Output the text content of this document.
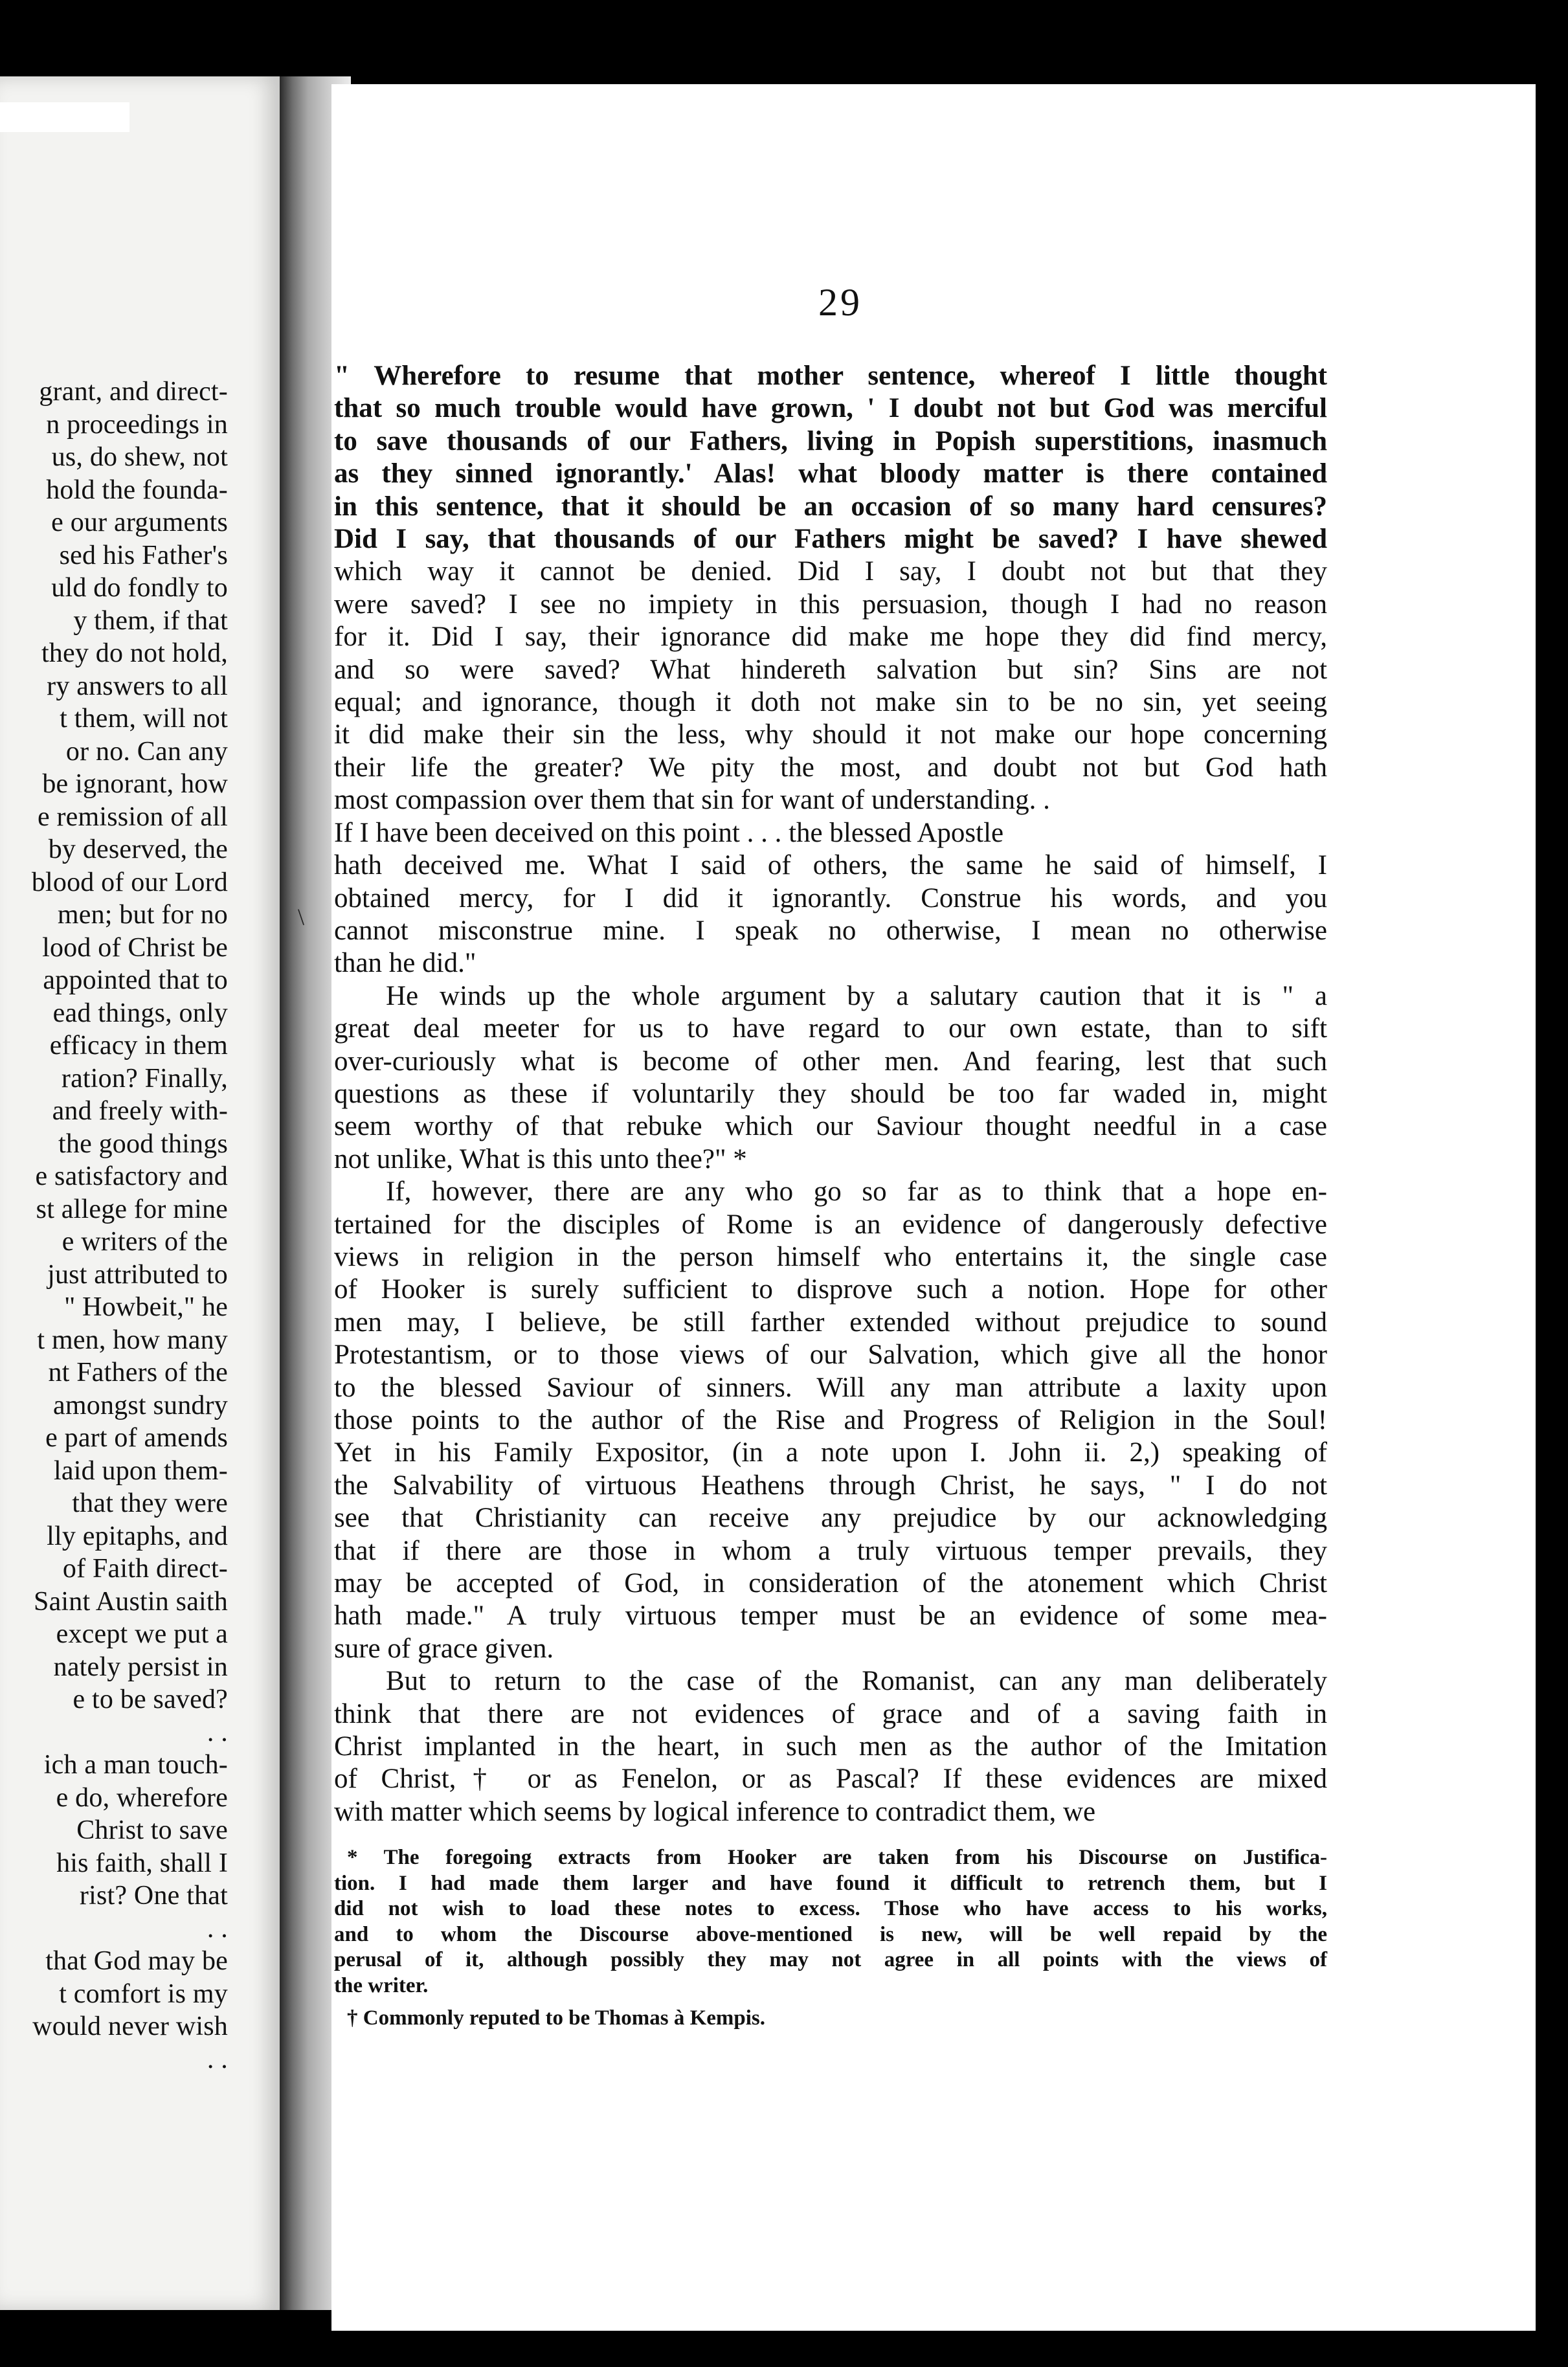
grant, and direct-
n proceedings in
us, do shew, not
hold the founda-
e our arguments
sed his Father's
uld do fondly to
y them, if that
they do not hold,
ry answers to all
t them, will not
or no. Can any
be ignorant, how
e remission of all
by deserved, the
blood of our Lord
men; but for no
lood of Christ be
appointed that to
ead things, only
efficacy in them
ration? Finally,
and freely with-
the good things
e satisfactory and
st allege for mine
e writers of the
just attributed to
" Howbeit," he
t men, how many
nt Fathers of the
amongst sundry
e part of amends
laid upon them-
that they were
lly epitaphs, and
of Faith direct-
Saint Austin saith
except we put a
nately persist in
e to be saved?
. .
ich a man touch-
e do, wherefore
Christ to save
his faith, shall I
rist? One that
. .
that God may be
t comfort is my
would never wish
. .
29
\
" Wherefore to resume that mother sentence, whereof I little thought
that so much trouble would have grown, ' I doubt not but God was merciful
to save thousands of our Fathers, living in Popish superstitions, inasmuch
as they sinned ignorantly.' Alas! what bloody matter is there contained
in this sentence, that it should be an occasion of so many hard censures?
Did I say, that thousands of our Fathers might be saved? I have shewed
which way it cannot be denied. Did I say, I doubt not but that they
were saved? I see no impiety in this persuasion, though I had no reason
for it. Did I say, their ignorance did make me hope they did find mercy,
and so were saved? What hindereth salvation but sin? Sins are not
equal; and ignorance, though it doth not make sin to be no sin, yet seeing
it did make their sin the less, why should it not make our hope concerning
their life the greater? We pity the most, and doubt not but God hath
most compassion over them that sin for want of understanding. .
If I have been deceived on this point . . . the blessed Apostle
hath deceived me. What I said of others, the same he said of himself, I
obtained mercy, for I did it ignorantly. Construe his words, and you
cannot misconstrue mine. I speak no otherwise, I mean no otherwise
than he did."
He winds up the whole argument by a salutary caution that it is " a
great deal meeter for us to have regard to our own estate, than to sift
over-curiously what is become of other men. And fearing, lest that such
questions as these if voluntarily they should be too far waded in, might
seem worthy of that rebuke which our Saviour thought needful in a case
not unlike, What is this unto thee?" *
If, however, there are any who go so far as to think that a hope en-
tertained for the disciples of Rome is an evidence of dangerously defective
views in religion in the person himself who entertains it, the single case
of Hooker is surely sufficient to disprove such a notion. Hope for other
men may, I believe, be still farther extended without prejudice to sound
Protestantism, or to those views of our Salvation, which give all the honor
to the blessed Saviour of sinners. Will any man attribute a laxity upon
those points to the author of the Rise and Progress of Religion in the Soul!
Yet in his Family Expositor, (in a note upon I. John ii. 2,) speaking of
the Salvability of virtuous Heathens through Christ, he says, " I do not
see that Christianity can receive any prejudice by our acknowledging
that if there are those in whom a truly virtuous temper prevails, they
may be accepted of God, in consideration of the atonement which Christ
hath made." A truly virtuous temper must be an evidence of some mea-
sure of grace given.
But to return to the case of the Romanist, can any man deliberately
think that there are not evidences of grace and of a saving faith in
Christ implanted in the heart, in such men as the author of the Imitation
of Christ,† or as Fenelon, or as Pascal? If these evidences are mixed
with matter which seems by logical inference to contradict them, we
* The foregoing extracts from Hooker are taken from his Discourse on Justifica-
tion. I had made them larger and have found it difficult to retrench them, but I
did not wish to load these notes to excess. Those who have access to his works,
and to whom the Discourse above-mentioned is new, will be well repaid by the
perusal of it, although possibly they may not agree in all points with the views of
the writer.
† Commonly reputed to be Thomas à Kempis.
